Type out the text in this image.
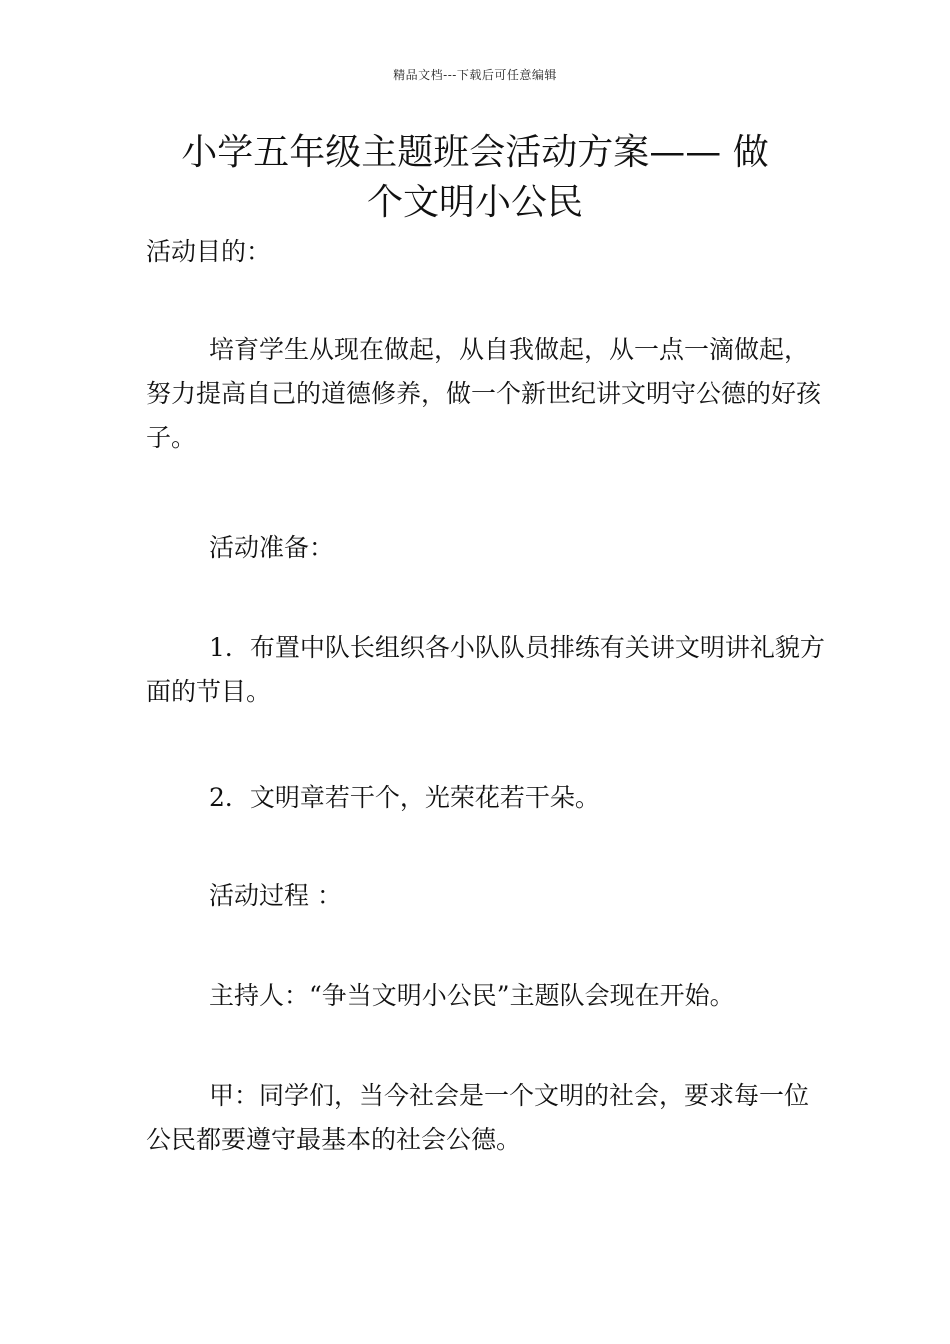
精品文档---下载后可任意编辑
小学五年级主题班会活动方案—— 做
个文明小公民

活动目的：

培育学生从现在做起，从自我做起，从一点一滴做起，努力提高自己的道德修养，做一个新世纪讲文明守公德的好孩子。

活动准备：

1．布置中队长组织各小队队员排练有关讲文明讲礼貌方面的节目。

2．文明章若干个，光荣花若干朵。

活动过程 ：

主持人：“争当文明小公民”主题队会现在开始。

甲：同学们，当今社会是一个文明的社会，要求每一位公民都要遵守最基本的社会公德。
